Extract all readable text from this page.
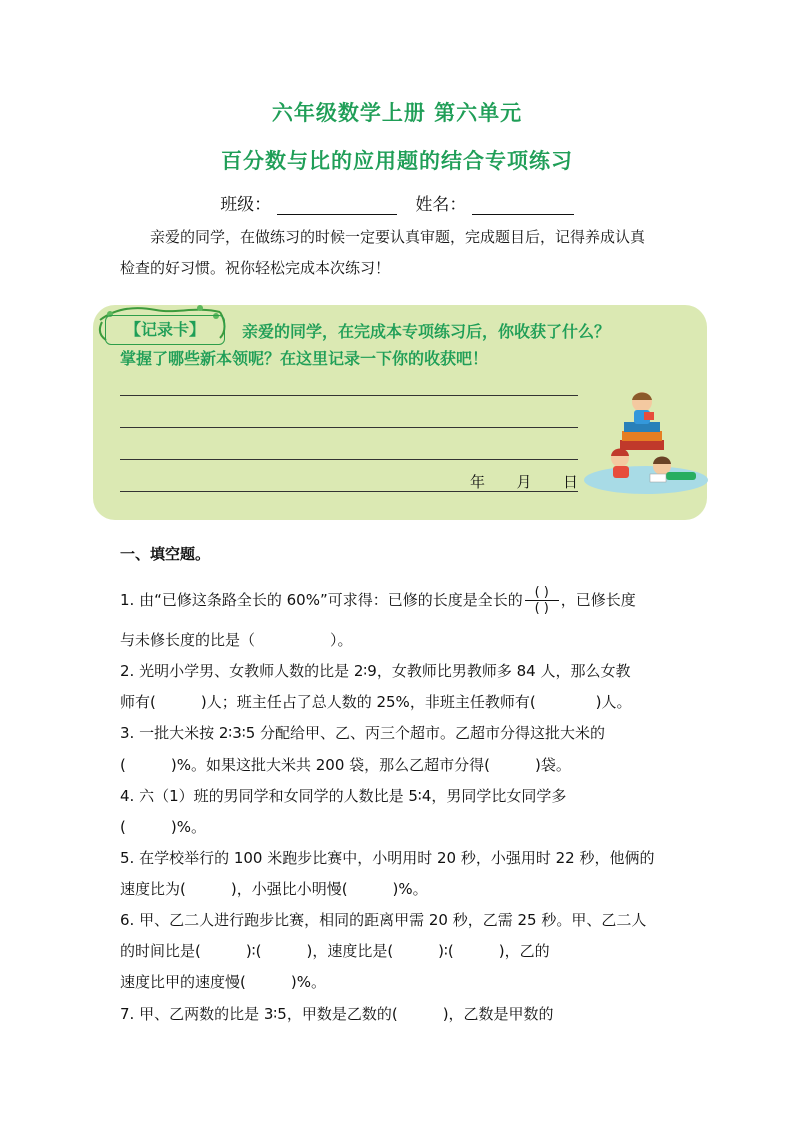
六年级数学上册 第六单元
百分数与比的应用题的结合专项练习
班级：	姓名：
亲爱的同学，在做练习的时候一定要认真审题，完成题目后，记得养成认真
检查的好习惯。祝你轻松完成本次练习！
【记录卡】	亲爱的同学，在完成本专项练习后，你收获了什么？
掌握了哪些新本领呢？在这里记录一下你的收获吧！
年 月 日
一、填空题。
1. 由“已修这条路全长的 60%”可求得：已修的长度是全长的 $\frac{( )}{( )}$ ，已修长度
与未修长度的比是（　　　　　）。
2. 光明小学男、女教师人数的比是 2∶9，女教师比男教师多 84 人，那么女教
师有(　　　)人；班主任占了总人数的 25%，非班主任教师有(　　　　)人。
3. 一批大米按 2∶3∶5 分配给甲、乙、丙三个超市。乙超市分得这批大米的
(　　　)%。如果这批大米共 200 袋，那么乙超市分得(　　　)袋。
4. 六（1）班的男同学和女同学的人数比是 5∶4，男同学比女同学多
(　　　)%。
5. 在学校举行的 100 米跑步比赛中，小明用时 20 秒，小强用时 22 秒，他俩的
速度比为(　　　)，小强比小明慢(　　　)%。
6. 甲、乙二人进行跑步比赛，相同的距离甲需 20 秒，乙需 25 秒。甲、乙二人
的时间比是(　　　)∶(　　　)，速度比是(　　　)∶(　　　)，乙的
速度比甲的速度慢(　　　)%。
7. 甲、乙两数的比是 3∶5，甲数是乙数的(　　　)，乙数是甲数的
